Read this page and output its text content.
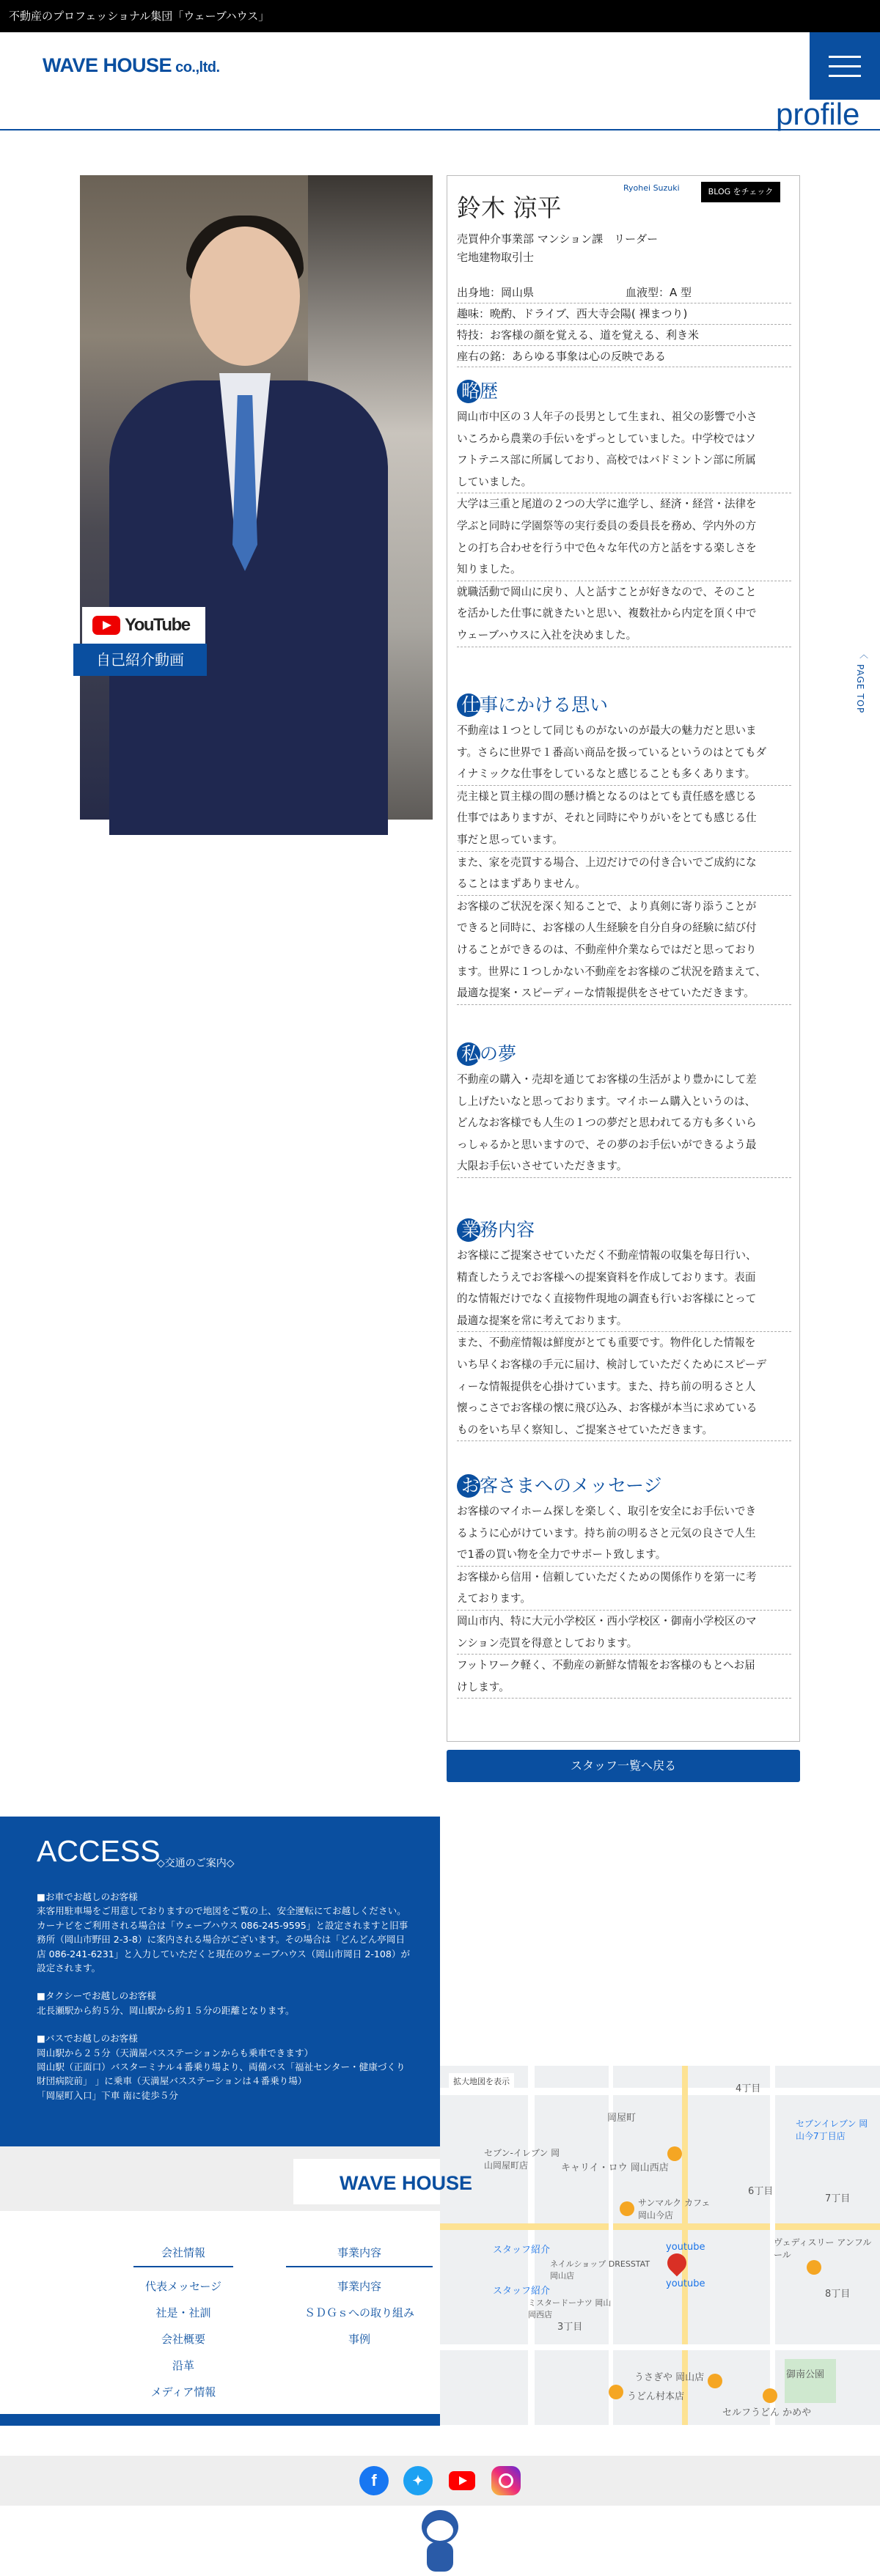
不動産のプロフェッショナル集団「ウェーブハウス」
WAVE HOUSE co.,ltd.
profile
YouTube
自己紹介動画
鈴木 涼平
Ryohei Suzuki	BLOG をチェック
売買仲介事業部 マンション課　リーダー
宅地建物取引士
出身地：岡山県	血液型：A 型
趣味：晩酌、ドライブ、西大寺会陽( 裸まつり)
特技：お客様の顔を覚える、道を覚える、利き米
座右の銘：あらゆる事象は心の反映である
略歴
岡山市中区の３人年子の長男として生まれ、祖父の影響で小さ
いころから農業の手伝いをずっとしていました。中学校ではソ
フトテニス部に所属しており、高校ではバドミントン部に所属
していました。
大学は三重と尾道の２つの大学に進学し、経済・経営・法律を
学ぶと同時に学園祭等の実行委員の委員長を務め、学内外の方
との打ち合わせを行う中で色々な年代の方と話をする楽しさを
知りました。
就職活動で岡山に戻り、人と話すことが好きなので、そのこと
を活かした仕事に就きたいと思い、複数社から内定を頂く中で
ウェーブハウスに入社を決めました。
仕事にかける思い
不動産は１つとして同じものがないのが最大の魅力だと思いま
す。さらに世界で１番高い商品を扱っているというのはとてもダ
イナミックな仕事をしているなと感じることも多くあります。
売主様と買主様の間の懸け橋となるのはとても責任感を感じる
仕事ではありますが、それと同時にやりがいをとても感じる仕
事だと思っています。
また、家を売買する場合、上辺だけでの付き合いでご成約にな
ることはまずありません。
お客様のご状況を深く知ることで、より真剣に寄り添うことが
できると同時に、お客様の人生経験を自分自身の経験に結び付
けることができるのは、不動産仲介業ならではだと思っており
ます。世界に１つしかない不動産をお客様のご状況を踏まえて、
最適な提案・スピーディーな情報提供をさせていただきます。
私の夢
不動産の購入・売却を通じてお客様の生活がより豊かにして差
し上げたいなと思っております。マイホーム購入というのは、
どんなお客様でも人生の１つの夢だと思われてる方も多くいら
っしゃるかと思いますので、その夢のお手伝いができるよう最
大限お手伝いさせていただきます。
業務内容
お客様にご提案させていただく不動産情報の収集を毎日行い、
精査したうえでお客様への提案資料を作成しております。表面
的な情報だけでなく直接物件現地の調査も行いお客様にとって
最適な提案を常に考えております。
また、不動産情報は鮮度がとても重要です。物件化した情報を
いち早くお客様の手元に届け、検討していただくためにスピーデ
ィーな情報提供を心掛けています。また、持ち前の明るさと人
懐っこさでお客様の懐に飛び込み、お客様が本当に求めている
ものをいち早く察知し、ご提案させていただきます。
お客さまへのメッセージ
お客様のマイホーム探しを楽しく、取引を安全にお手伝いでき
るように心がけています。持ち前の明るさと元気の良さで人生
で1番の買い物を全力でサポート致します。
お客様から信用・信頼していただくための関係作りを第一に考
えております。
岡山市内、特に大元小学校区・西小学校区・御南小学校区のマ
ンション売買を得意としております。
フットワーク軽く、不動産の新鮮な情報をお客様のもとへお届
けします。
スタッフ一覧へ戻る
︿
PAGE TOP
ACCESS
◇交通のご案内◇

■お車でお越しのお客様
来客用駐車場をご用意しておりますので地図をご覧の上、安全運転にてお越しください。
カーナビをご利用される場合は「ウェーブハウス 086-245-9595」と設定されますと旧事務所（岡山市野田 2-3-8）に案内される場合がございます。その場合は「どんどん亭岡日店 086-241-6231」と入力していただくと現在のウェーブハウス（岡山市岡日 2-108）が設定されます。

■タクシーでお越しのお客様
北長瀬駅から約５分、岡山駅から約１５分の距離となります。

■バスでお越しのお客様
岡山駅から２５分（天満屋バスステーションからも乗車できます）
岡山駅（正面口）バスターミナル４番乗り場より、両備バス「福祉センター・健康づくり財団病院前」 」に乗車（天満屋バスステーションは４番乗り場）
「岡屋町入口」下車 南に徒歩５分

拡大地図を表示
岡屋町
セブン-イレブン 岡山岡屋町店	キャリイ・ロウ 岡山西店
サンマルク カフェ 岡山今店
スタッフ紹介	youtube
ネイルショップ DRESSTAT岡山店
スタッフ紹介
youtube
ミスタードーナツ 岡山岡西店
うさぎや 岡山店
うどん村本店
セルフうどん かめや
ヴェディスリー アンフルール
御南公園
セブンイレブン 岡山今7丁目店
4丁目
7丁目
8丁目
3丁目
6丁目
WAVE HOUSE
会社情報
代表メッセージ
社是・社訓
会社概要
沿革
メディア情報
事業内容
事業内容
ＳＤＧｓへの取り組み
事例
f	✦
